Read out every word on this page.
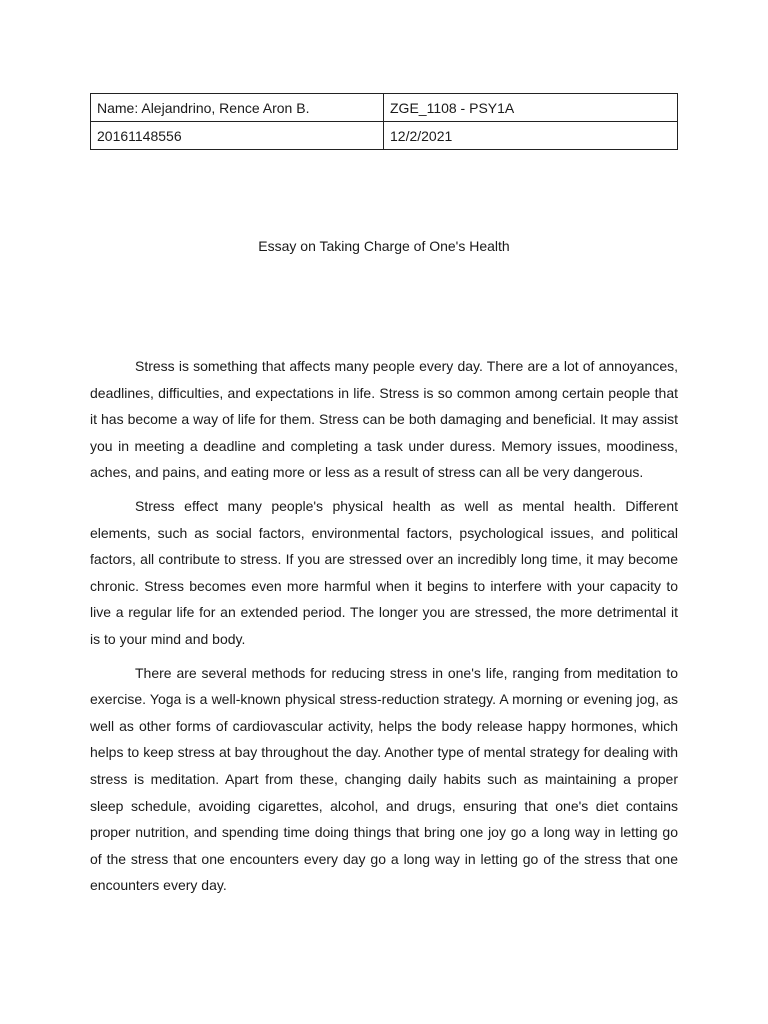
Name: Alejandrino, Rence Aron B.	ZGE_1108 - PSY1A
20161148556	12/2/2021
Essay on Taking Charge of One's Health

Stress is something that affects many people every day. There are a lot of annoyances, deadlines, difficulties, and expectations in life. Stress is so common among certain people that it has become a way of life for them. Stress can be both damaging and beneficial. It may assist you in meeting a deadline and completing a task under duress. Memory issues, moodiness, aches, and pains, and eating more or less as a result of stress can all be very dangerous.

Stress effect many people's physical health as well as mental health. Different elements, such as social factors, environmental factors, psychological issues, and political factors, all contribute to stress. If you are stressed over an incredibly long time, it may become chronic. Stress becomes even more harmful when it begins to interfere with your capacity to live a regular life for an extended period. The longer you are stressed, the more detrimental it is to your mind and body.

There are several methods for reducing stress in one's life, ranging from meditation to exercise. Yoga is a well-known physical stress-reduction strategy. A morning or evening jog, as well as other forms of cardiovascular activity, helps the body release happy hormones, which helps to keep stress at bay throughout the day. Another type of mental strategy for dealing with stress is meditation. Apart from these, changing daily habits such as maintaining a proper sleep schedule, avoiding cigarettes, alcohol, and drugs, ensuring that one's diet contains proper nutrition, and spending time doing things that bring one joy go a long way in letting go of the stress that one encounters every day go a long way in letting go of the stress that one encounters every day.
